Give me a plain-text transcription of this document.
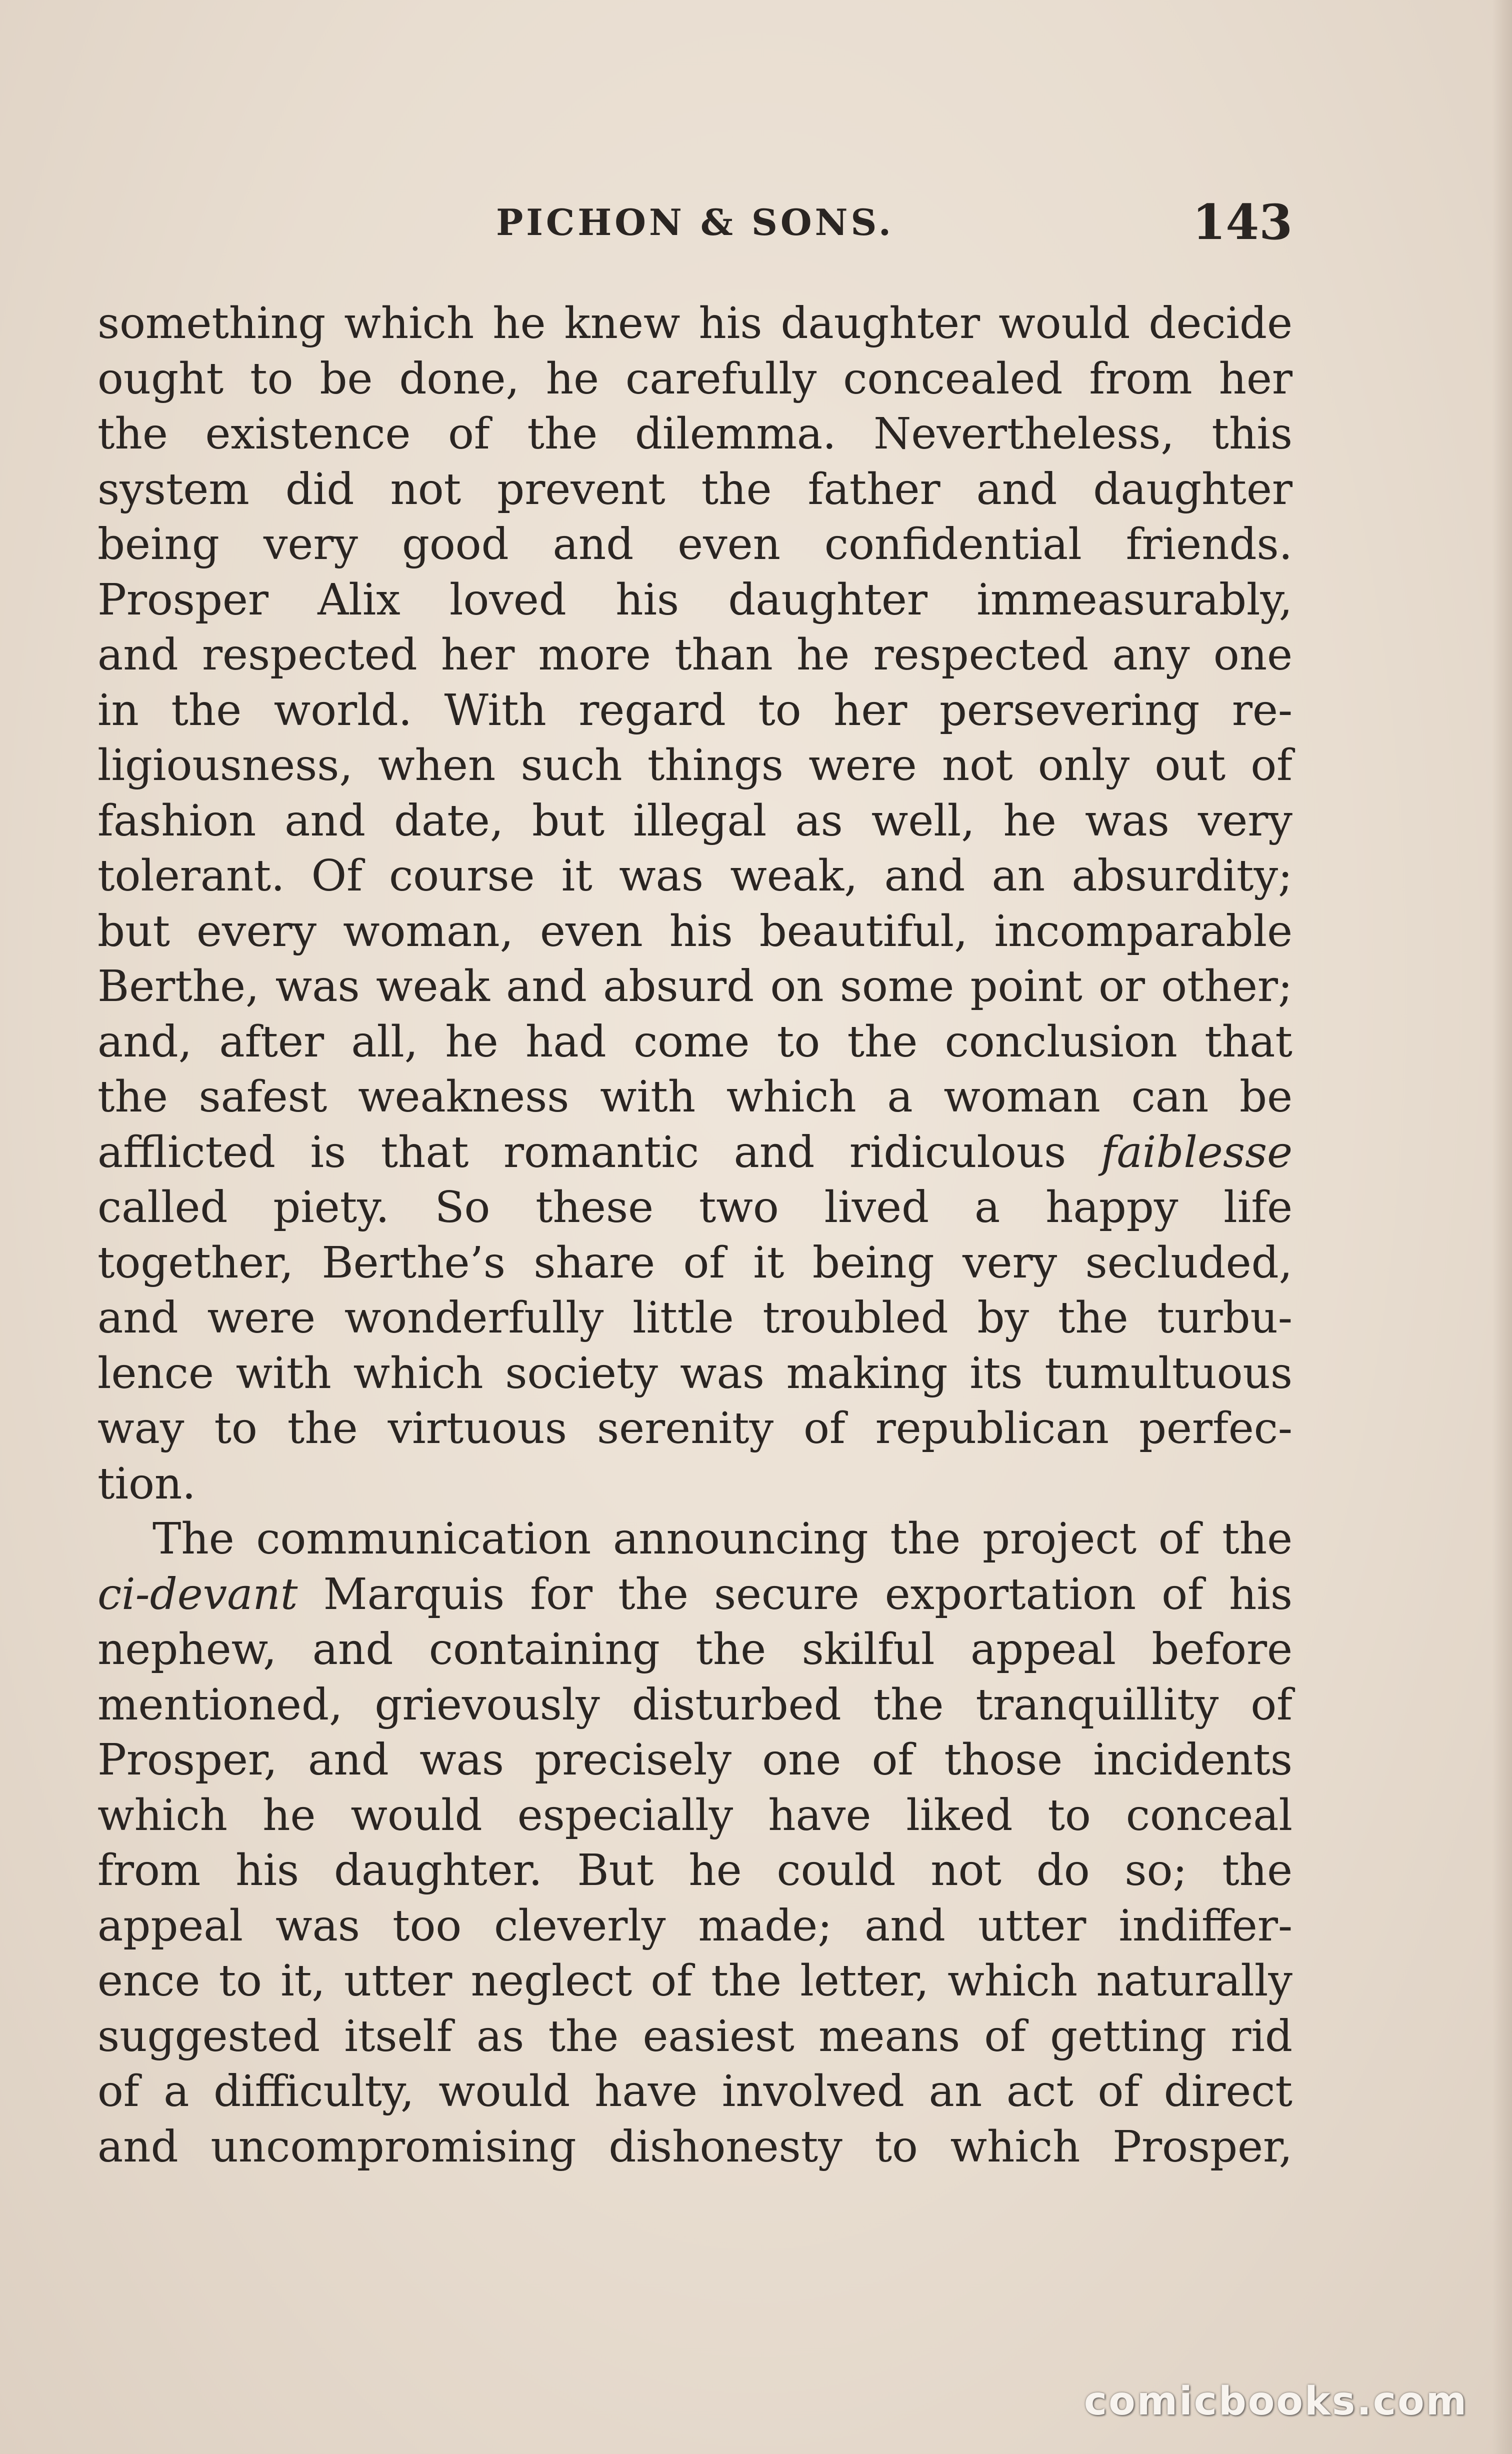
PICHON & SONS.	143
something which he knew his daughter would decide
ought to be done, he carefully concealed from her
the existence of the dilemma. Nevertheless, this
system did not prevent the father and daughter
being very good and even confidential friends.
Prosper Alix loved his daughter immeasurably,
and respected her more than he respected any one
in the world. With regard to her persevering re-
ligiousness, when such things were not only out of
fashion and date, but illegal as well, he was very
tolerant. Of course it was weak, and an absurdity;
but every woman, even his beautiful, incomparable
Berthe, was weak and absurd on some point or other;
and, after all, he had come to the conclusion that
the safest weakness with which a woman can be
afflicted is that romantic and ridiculous faiblesse
called piety. So these two lived a happy life
together, Berthe’s share of it being very secluded,
and were wonderfully little troubled by the turbu-
lence with which society was making its tumultuous
way to the virtuous serenity of republican perfec-
tion.
The communication announcing the project of the
ci-devant Marquis for the secure exportation of his
nephew, and containing the skilful appeal before
mentioned, grievously disturbed the tranquillity of
Prosper, and was precisely one of those incidents
which he would especially have liked to conceal
from his daughter. But he could not do so; the
appeal was too cleverly made; and utter indiffer-
ence to it, utter neglect of the letter, which naturally
suggested itself as the easiest means of getting rid
of a difficulty, would have involved an act of direct
and uncompromising dishonesty to which Prosper,
comicbooks.com
